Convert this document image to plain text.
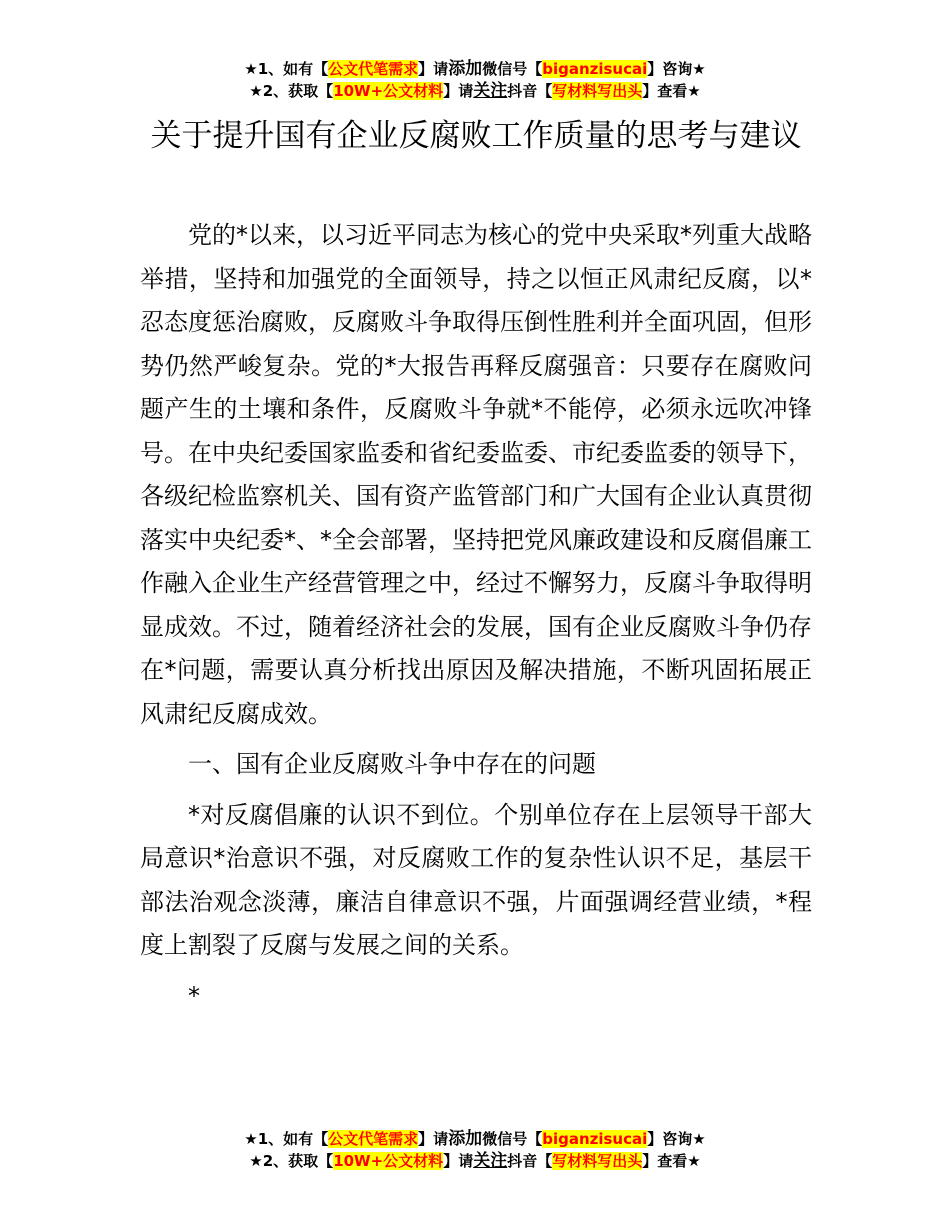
★1、如有【公文代笔需求】请添加微信号【biganzisucai】咨询★
★2、获取【10W+公文材料】请关注抖音【写材料写出头】查看★
关于提升国有企业反腐败工作质量的思考与建议

党的*以来，以习近平同志为核心的党中央采取*列重大战略举措，坚持和加强党的全面领导，持之以恒正风肃纪反腐，以*忍态度惩治腐败，反腐败斗争取得压倒性胜利并全面巩固，但形势仍然严峻复杂。党的*大报告再释反腐强音：只要存在腐败问题产生的土壤和条件，反腐败斗争就*不能停，必须永远吹冲锋号。在中央纪委国家监委和省纪委监委、市纪委监委的领导下，各级纪检监察机关、国有资产监管部门和广大国有企业认真贯彻落实中央纪委*、*全会部署，坚持把党风廉政建设和反腐倡廉工作融入企业生产经营管理之中，经过不懈努力，反腐斗争取得明显成效。不过，随着经济社会的发展，国有企业反腐败斗争仍存在*问题，需要认真分析找出原因及解决措施，不断巩固拓展正风肃纪反腐成效。

一、国有企业反腐败斗争中存在的问题

*对反腐倡廉的认识不到位。个别单位存在上层领导干部大局意识*治意识不强，对反腐败工作的复杂性认识不足，基层干部法治观念淡薄，廉洁自律意识不强，片面强调经营业绩，*程度上割裂了反腐与发展之间的关系。

*

★1、如有【公文代笔需求】请添加微信号【biganzisucai】咨询★
★2、获取【10W+公文材料】请关注抖音【写材料写出头】查看★
